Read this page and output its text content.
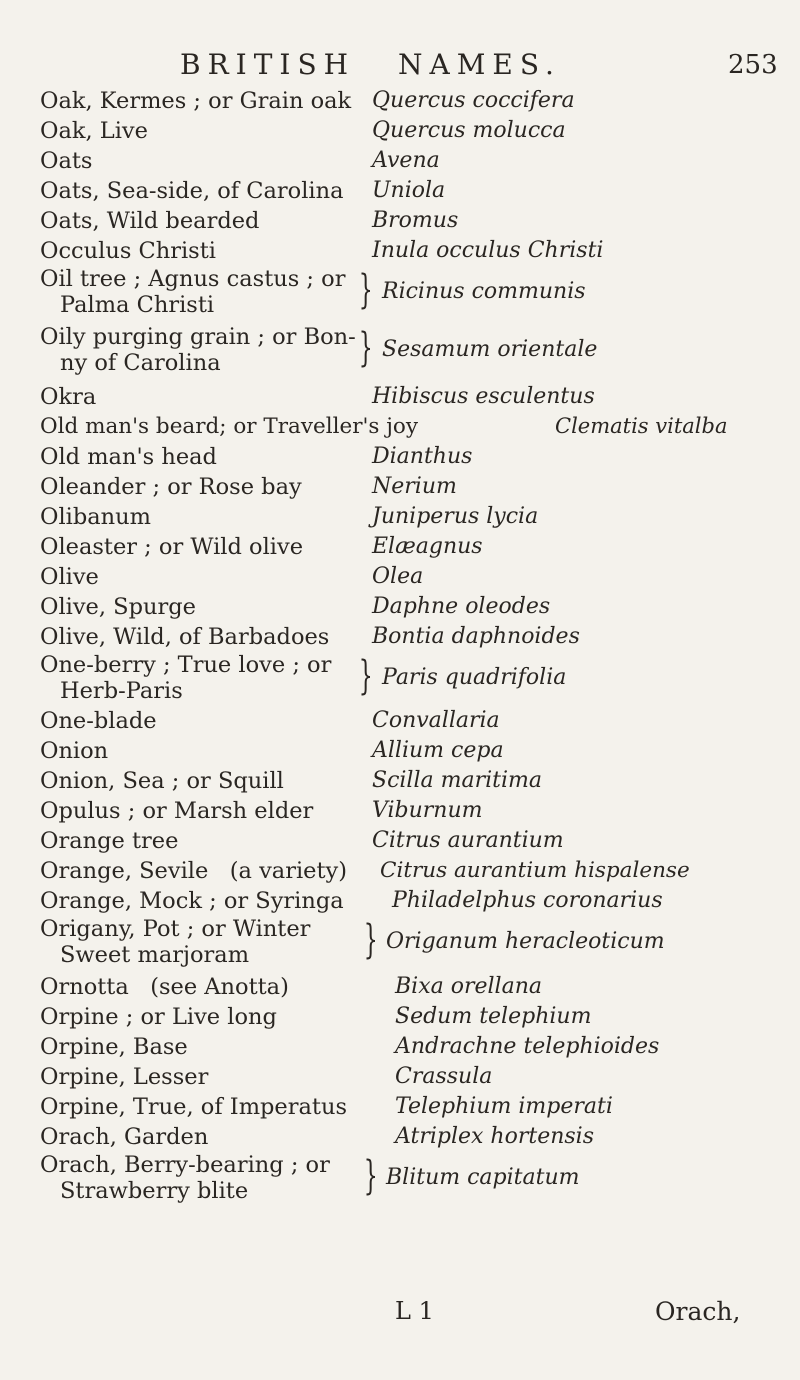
BRITISH NAMES.	253
Oak, Kermes ; or Grain oak Quercus coccifera
Oak, Live	Quercus molucca
Oats	Avena
Oats, Sea-side, of Carolina Uniola
Oats, Wild bearded	Bromus
Occulus Christi	Inula occulus Christi
Oil tree ; Agnus castus ; or
Palma Christi	} Ricinus communis
Oily purging grain ; or Bon-
ny of Carolina	} Sesamum orientale
Okra	Hibiscus esculentus
Old man's beard; or Traveller's joy	Clematis vitalba
Old man's head	Dianthus
Oleander ; or Rose bay	Nerium
Olibanum	Juniperus lycia
Oleaster ; or Wild olive	Elæagnus
Olive	Olea
Olive, Spurge	Daphne oleodes
Olive, Wild, of Barbadoes Bontia daphnoides
One-berry ; True love ; or
Herb-Paris	} Paris quadrifolia
One-blade	Convallaria
Onion	Allium cepa
Onion, Sea ; or Squill	Scilla maritima
Opulus ; or Marsh elder	Viburnum
Orange tree	Citrus aurantium
Orange, Sevile   (a variety) Citrus aurantium hispalense
Orange, Mock ; or Syringa Philadelphus coronarius
Origany, Pot ; or Winter
Sweet marjoram	} Origanum heracleoticum
Ornotta   (see Anotta)	Bixa orellana
Orpine ; or Live long	Sedum telephium
Orpine, Base	Andrachne telephioides
Orpine, Lesser	Crassula
Orpine, True, of Imperatus Telephium imperati
Orach, Garden	Atriplex hortensis
Orach, Berry-bearing ; or
Strawberry blite	} Blitum capitatum
L 1	Orach,
